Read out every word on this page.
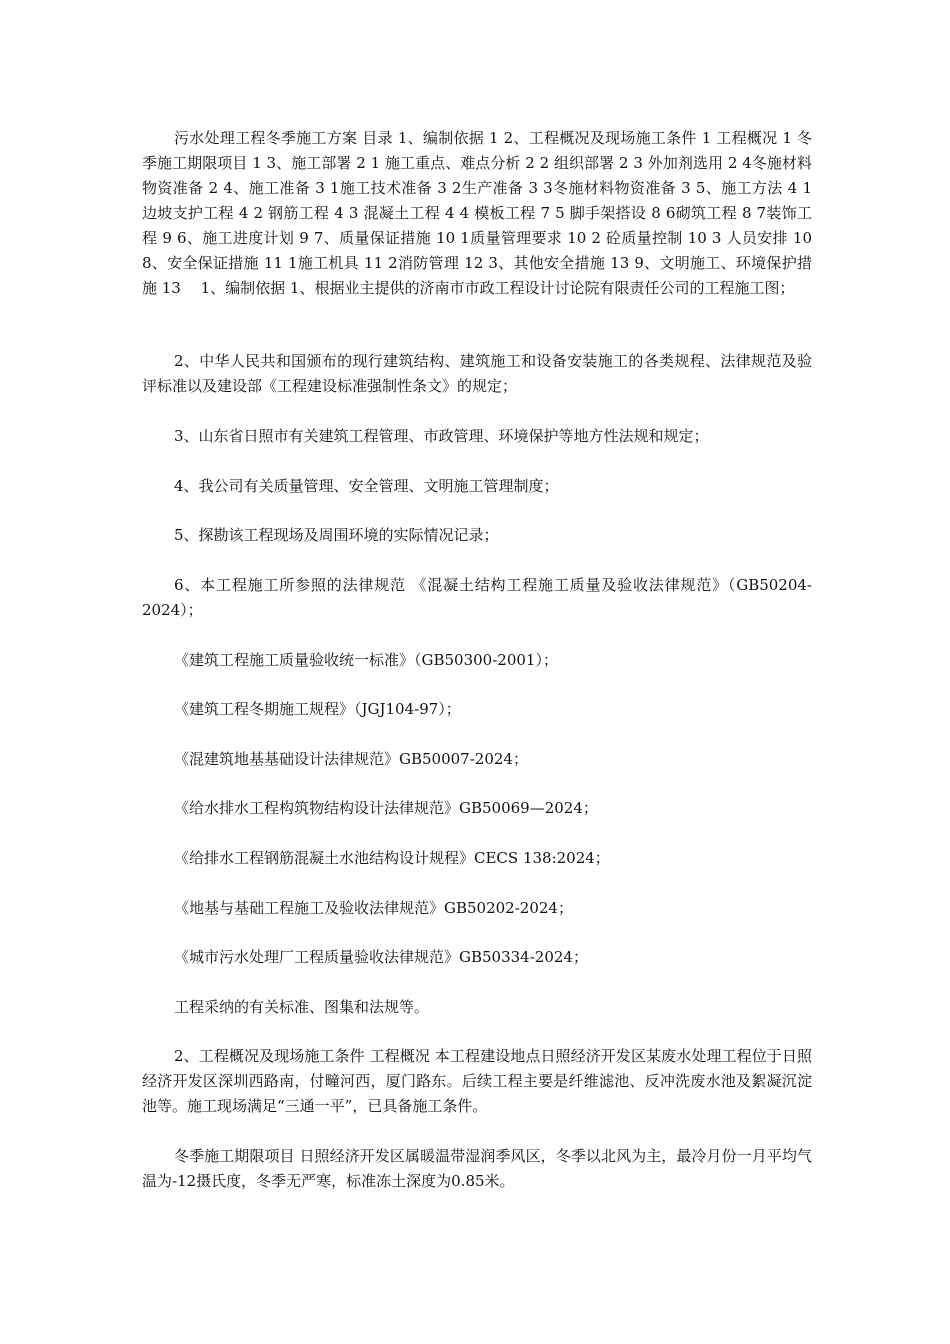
污水处理工程冬季施工方案 目录 1、编制依据 1 2、工程概况及现场施工条件 1 工程概况 1 冬季施工期限项目 1 3、施工部署 2 1 施工重点、难点分析 2 2 组织部署 2 3 外加剂选用 2 4冬施材料物资准备 2 4、施工准备 3 1施工技术准备 3 2生产准备 3 3冬施材料物资准备 3 5、施工方法 4 1 边坡支护工程 4 2 钢筋工程 4 3 混凝土工程 4 4 模板工程 7 5 脚手架搭设 8 6砌筑工程 8 7装饰工程 9 6、施工进度计划 9 7、质量保证措施 10 1质量管理要求 10 2 砼质量控制 10 3 人员安排 10 8、安全保证措施 11 1施工机具 11 2消防管理 12 3、其他安全措施 13 9、文明施工、环境保护措施 13　 1、编制依据 1、根据业主提供的济南市市政工程设计讨论院有限责任公司的工程施工图；

2、中华人民共和国颁布的现行建筑结构、建筑施工和设备安装施工的各类规程、法律规范及验评标准以及建设部《工程建设标准强制性条文》的规定；

3、山东省日照市有关建筑工程管理、市政管理、环境保护等地方性法规和规定；

4、我公司有关质量管理、安全管理、文明施工管理制度；

5、探勘该工程现场及周围环境的实际情况记录；

6、本工程施工所参照的法律规范 《混凝土结构工程施工质量及验收法律规范》（GB50204-2024）；

《建筑工程施工质量验收统一标准》（GB50300-2001）；

《建筑工程冬期施工规程》（JGJ104-97）；

《混建筑地基基础设计法律规范》GB50007-2024；

《给水排水工程构筑物结构设计法律规范》GB50069—2024；

《给排水工程钢筋混凝土水池结构设计规程》CECS 138:2024；

《地基与基础工程施工及验收法律规范》GB50202-2024；

《城市污水处理厂工程质量验收法律规范》GB50334-2024；

工程采纳的有关标准、图集和法规等。

2、工程概况及现场施工条件 工程概况 本工程建设地点日照经济开发区某废水处理工程位于日照经济开发区深圳西路南，付疃河西，厦门路东。后续工程主要是纤维滤池、反冲洗废水池及絮凝沉淀池等。施工现场满足“三通一平”，已具备施工条件。

冬季施工期限项目 日照经济开发区属暖温带湿润季风区，冬季以北风为主，最冷月份一月平均气温为-12摄氏度，冬季无严寒，标准冻土深度为0.85米。
